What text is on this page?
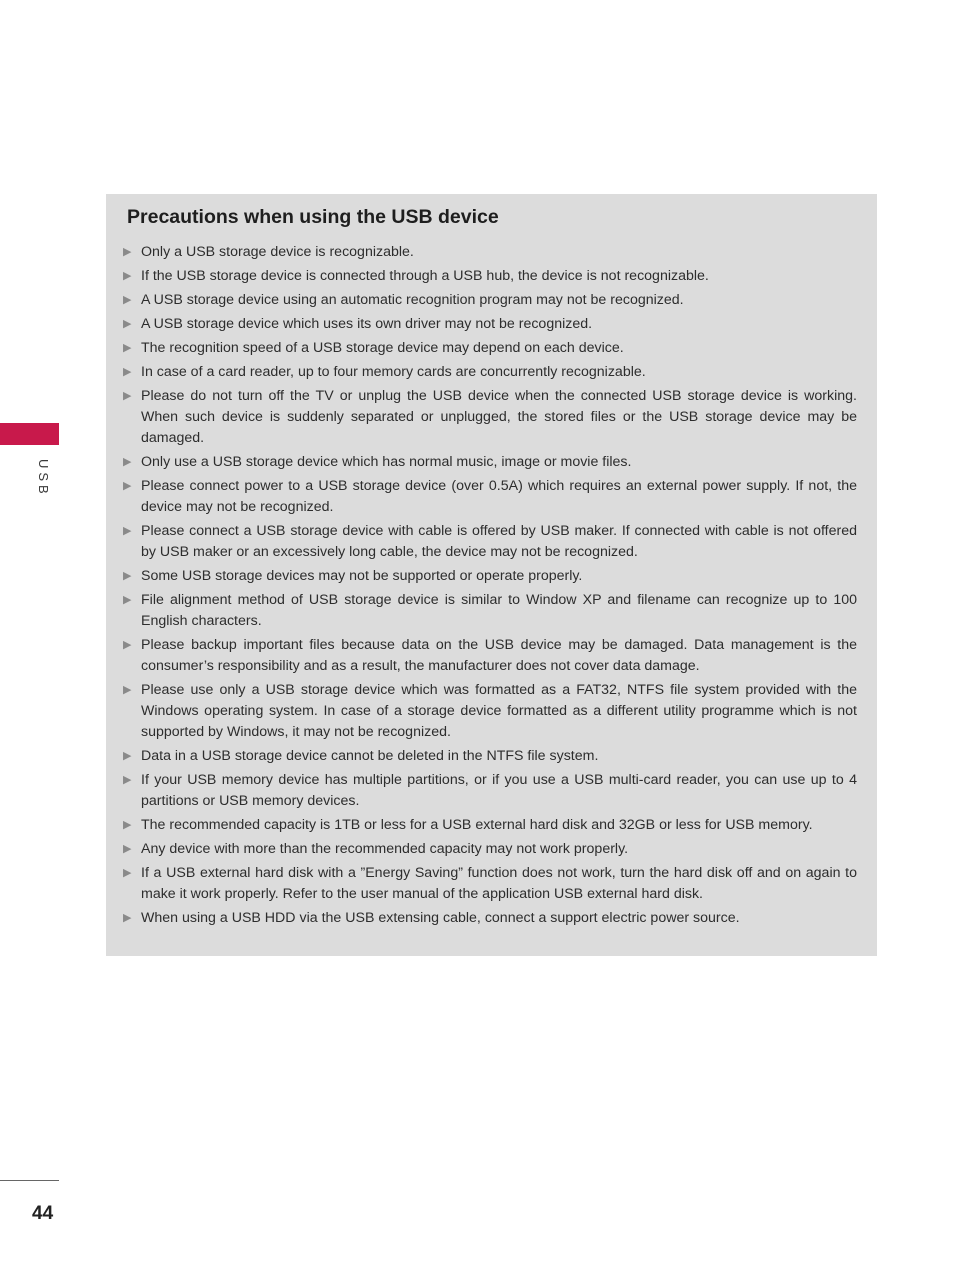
USB
Precautions when using the USB device
▶ Only a USB storage device is recognizable.
▶ If the USB storage device is connected through a USB hub, the device is not recognizable.
▶ A USB storage device using an automatic recognition program may not be recognized.
▶ A USB storage device which uses its own driver may not be recognized.
▶ The recognition speed of a USB storage device may depend on each device.
▶ In case of a card reader, up to four memory cards are concurrently recognizable.
▶ Please do not turn off the TV or unplug the USB device when the connected USB storage device is working. When such device is suddenly separated or unplugged, the stored files or the USB storage device may be damaged.
▶ Only use a USB storage device which has normal music, image or movie files.
▶ Please connect power to a USB storage device (over 0.5A) which requires an external power supply. If not, the device may not be recognized.
▶ Please connect a USB storage device with cable is offered by USB maker. If connected with cable is not offered by USB maker or an excessively long cable, the device may not be recognized.
▶ Some USB storage devices may not be supported or operate properly.
▶ File alignment method of USB storage device is similar to Window XP and filename can recognize up to 100 English characters.
▶ Please backup important files because data on the USB device may be damaged. Data management is the consumer’s responsibility and as a result, the manufacturer does not cover data damage.
▶ Please use only a USB storage device which was formatted as a FAT32, NTFS file system provided with the Windows operating system. In case of a storage device formatted as a different utility programme which is not supported by Windows, it may not be recognized.
▶ Data in a USB storage device cannot be deleted in the NTFS file system.
▶ If your USB memory device has multiple partitions, or if you use a USB multi-card reader, you can use up to 4 partitions or USB memory devices.
▶ The recommended capacity is 1TB or less for a USB external hard disk and 32GB or less for USB memory.
▶ Any device with more than the recommended capacity may not work properly.
▶ If a USB external hard disk with a ”Energy Saving” function does not work, turn the hard disk off and on again to make it work properly. Refer to the user manual of the application USB external hard disk.
▶ When using a USB HDD via the USB extensing cable, connect a support electric power source.
44
